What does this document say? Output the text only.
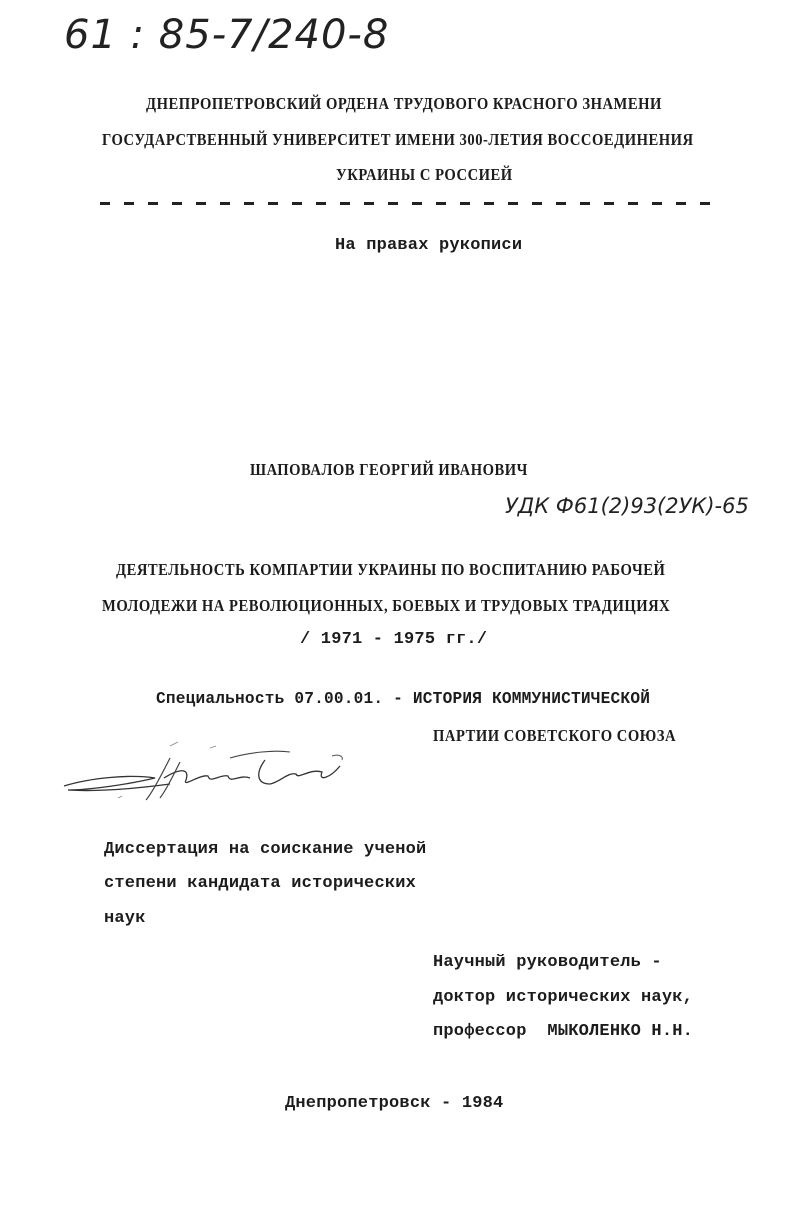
61 : 85-7/240-8
ДНЕПРОПЕТРОВСКИЙ ОРДЕНА ТРУДОВОГО КРАСНОГО ЗНАМЕНИ
ГОСУДАРСТВЕННЫЙ УНИВЕРСИТЕТ ИМЕНИ 300-ЛЕТИЯ ВОССОЕДИНЕНИЯ
УКРАИНЫ С РОССИЕЙ
На правах рукописи
ШАПОВАЛОВ ГЕОРГИЙ ИВАНОВИЧ
УДК Ф61(2)93(2УК)-65
ДЕЯТЕЛЬНОСТЬ КОМПАРТИИ УКРАИНЫ ПО ВОСПИТАНИЮ РАБОЧЕЙ
МОЛОДЕЖИ НА РЕВОЛЮЦИОННЫХ, БОЕВЫХ И ТРУДОВЫХ ТРАДИЦИЯХ
/ 1971 - 1975 гг./
Специальность 07.00.01. - ИСТОРИЯ КОММУНИСТИЧЕСКОЙ
ПАРТИИ СОВЕТСКОГО СОЮЗА
Диссертация на соискание ученой
степени кандидата исторических
наук
Научный руководитель -
доктор исторических наук,
профессор  МЫКОЛЕНКО Н.Н.
Днепропетровск - 1984
